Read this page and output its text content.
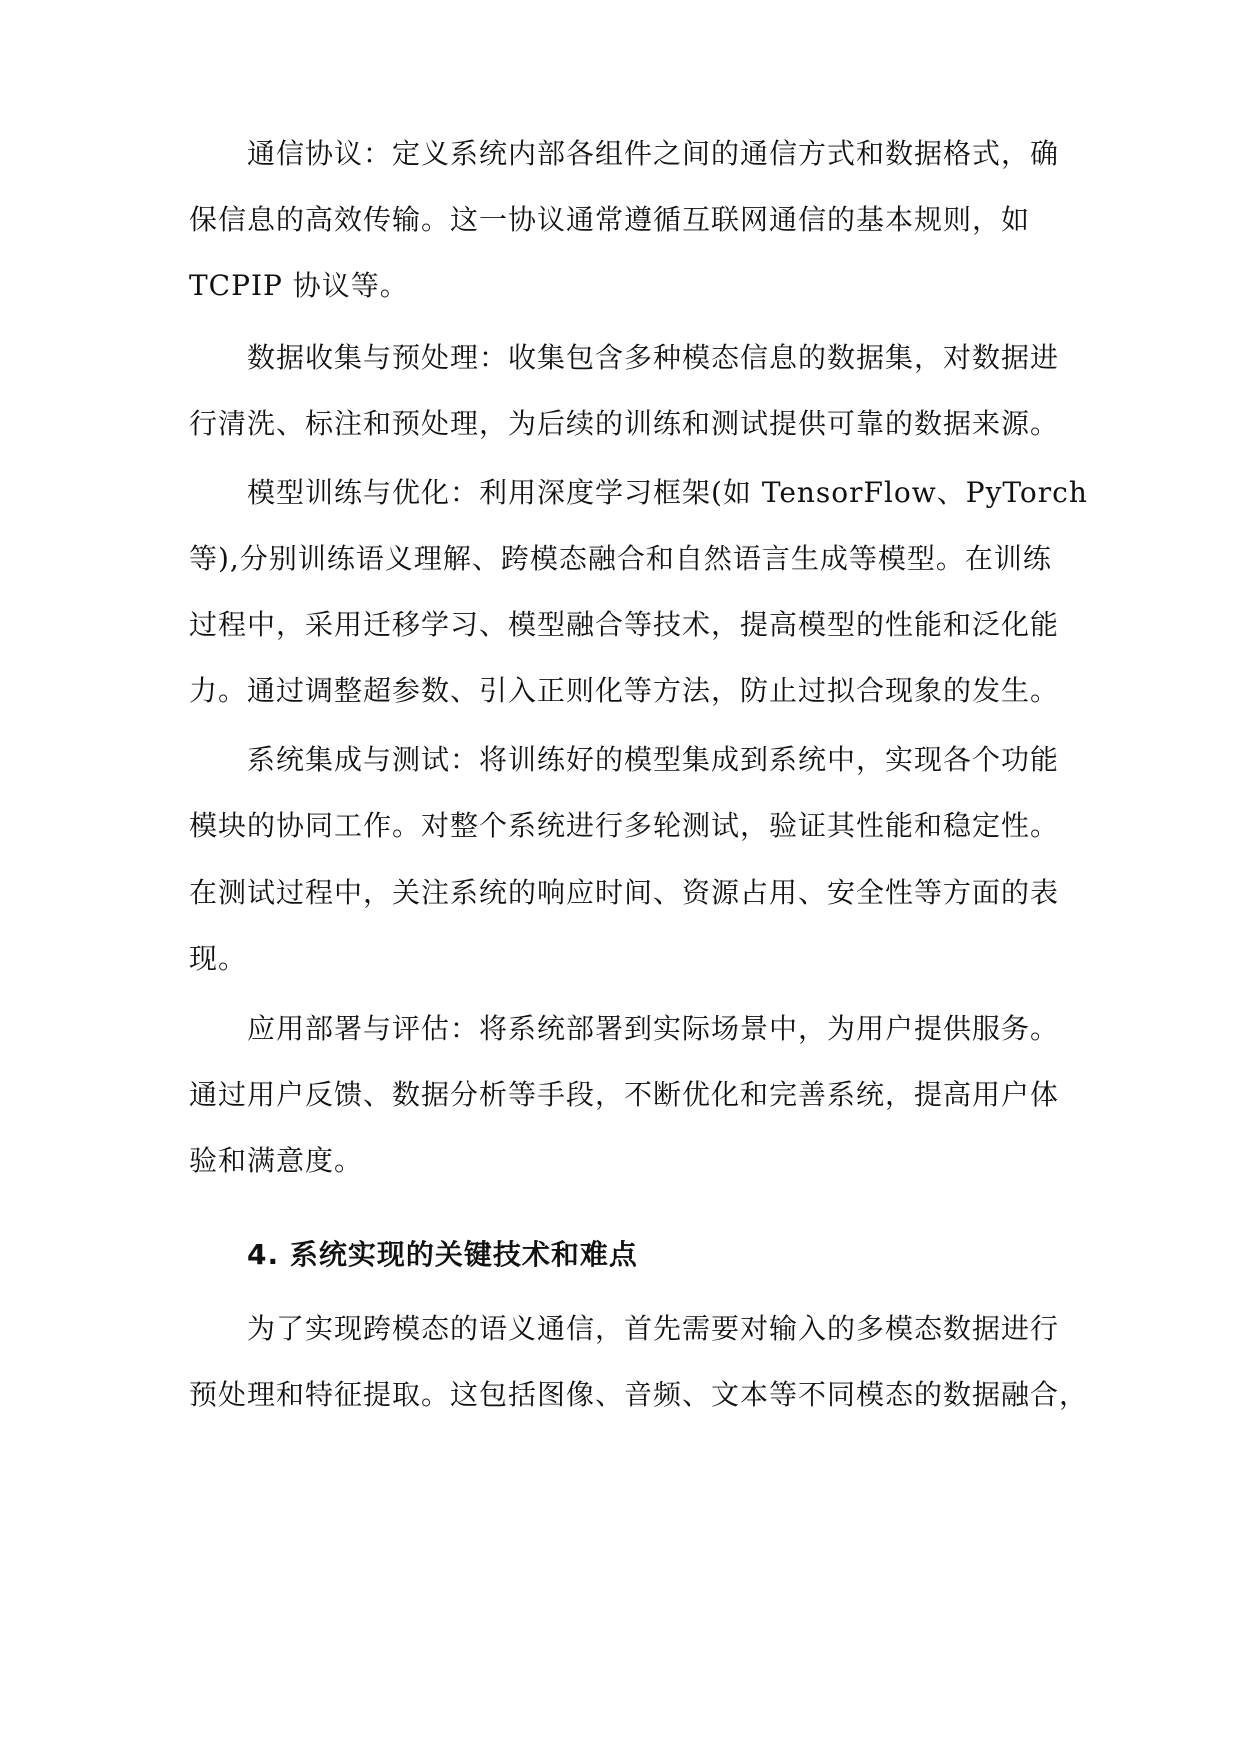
通信协议：定义系统内部各组件之间的通信方式和数据格式，确
保信息的高效传输。这一协议通常遵循互联网通信的基本规则，如
TCPIP 协议等。
数据收集与预处理：收集包含多种模态信息的数据集，对数据进
行清洗、标注和预处理，为后续的训练和测试提供可靠的数据来源。
模型训练与优化：利用深度学习框架(如 TensorFlow、PyTorch
等),分别训练语义理解、跨模态融合和自然语言生成等模型。在训练
过程中，采用迁移学习、模型融合等技术，提高模型的性能和泛化能
力。通过调整超参数、引入正则化等方法，防止过拟合现象的发生。
系统集成与测试：将训练好的模型集成到系统中，实现各个功能
模块的协同工作。对整个系统进行多轮测试，验证其性能和稳定性。
在测试过程中，关注系统的响应时间、资源占用、安全性等方面的表
现。
应用部署与评估：将系统部署到实际场景中，为用户提供服务。
通过用户反馈、数据分析等手段，不断优化和完善系统，提高用户体
验和满意度。
4. 系统实现的关键技术和难点
为了实现跨模态的语义通信，首先需要对输入的多模态数据进行
预处理和特征提取。这包括图像、音频、文本等不同模态的数据融合，
